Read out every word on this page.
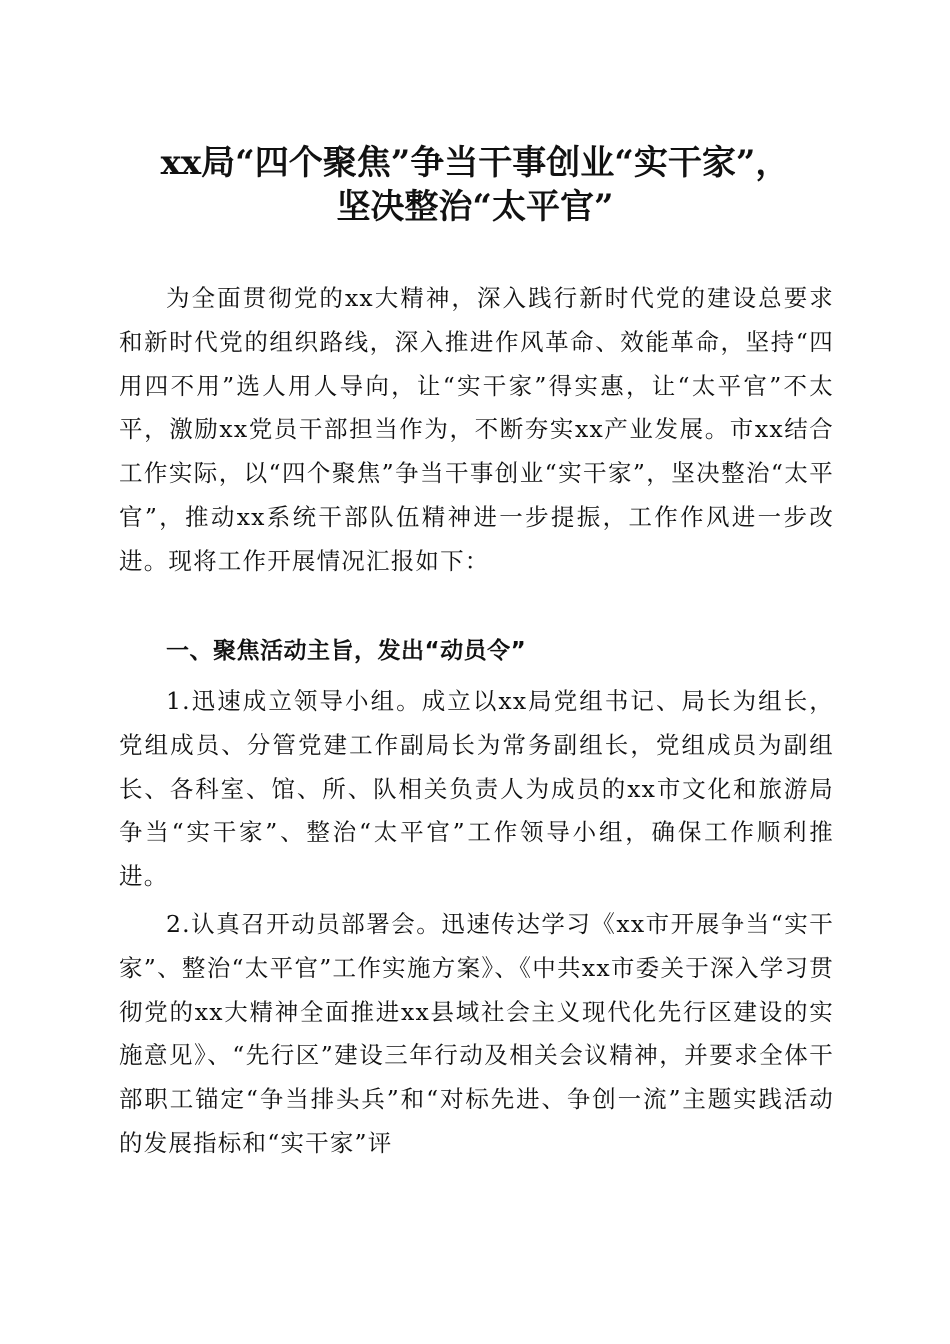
xx局“四个聚焦”争当干事创业“实干家”，
坚决整治“太平官”
为全面贯彻党的xx大精神，深入践行新时代党的建设总要求和新时代党的组织路线，深入推进作风革命、效能革命，坚持“四用四不用”选人用人导向，让“实干家”得实惠，让“太平官”不太平，激励xx党员干部担当作为，不断夯实xx产业发展。市xx结合工作实际，以“四个聚焦”争当干事创业“实干家”，坚决整治“太平官”，推动xx系统干部队伍精神进一步提振，工作作风进一步改进。现将工作开展情况汇报如下：
一、聚焦活动主旨，发出“动员令”
1.迅速成立领导小组。成立以xx局党组书记、局长为组长，党组成员、分管党建工作副局长为常务副组长，党组成员为副组长、各科室、馆、所、队相关负责人为成员的xx市文化和旅游局争当“实干家”、整治“太平官”工作领导小组，确保工作顺利推进。
2.认真召开动员部署会。迅速传达学习《xx市开展争当“实干家”、整治“太平官”工作实施方案》、《中共xx市委关于深入学习贯彻党的xx大精神全面推进xx县域社会主义现代化先行区建设的实施意见》、“先行区”建设三年行动及相关会议精神，并要求全体干部职工锚定“争当排头兵”和“对标先进、争创一流”主题实践活动的发展指标和“实干家”评
